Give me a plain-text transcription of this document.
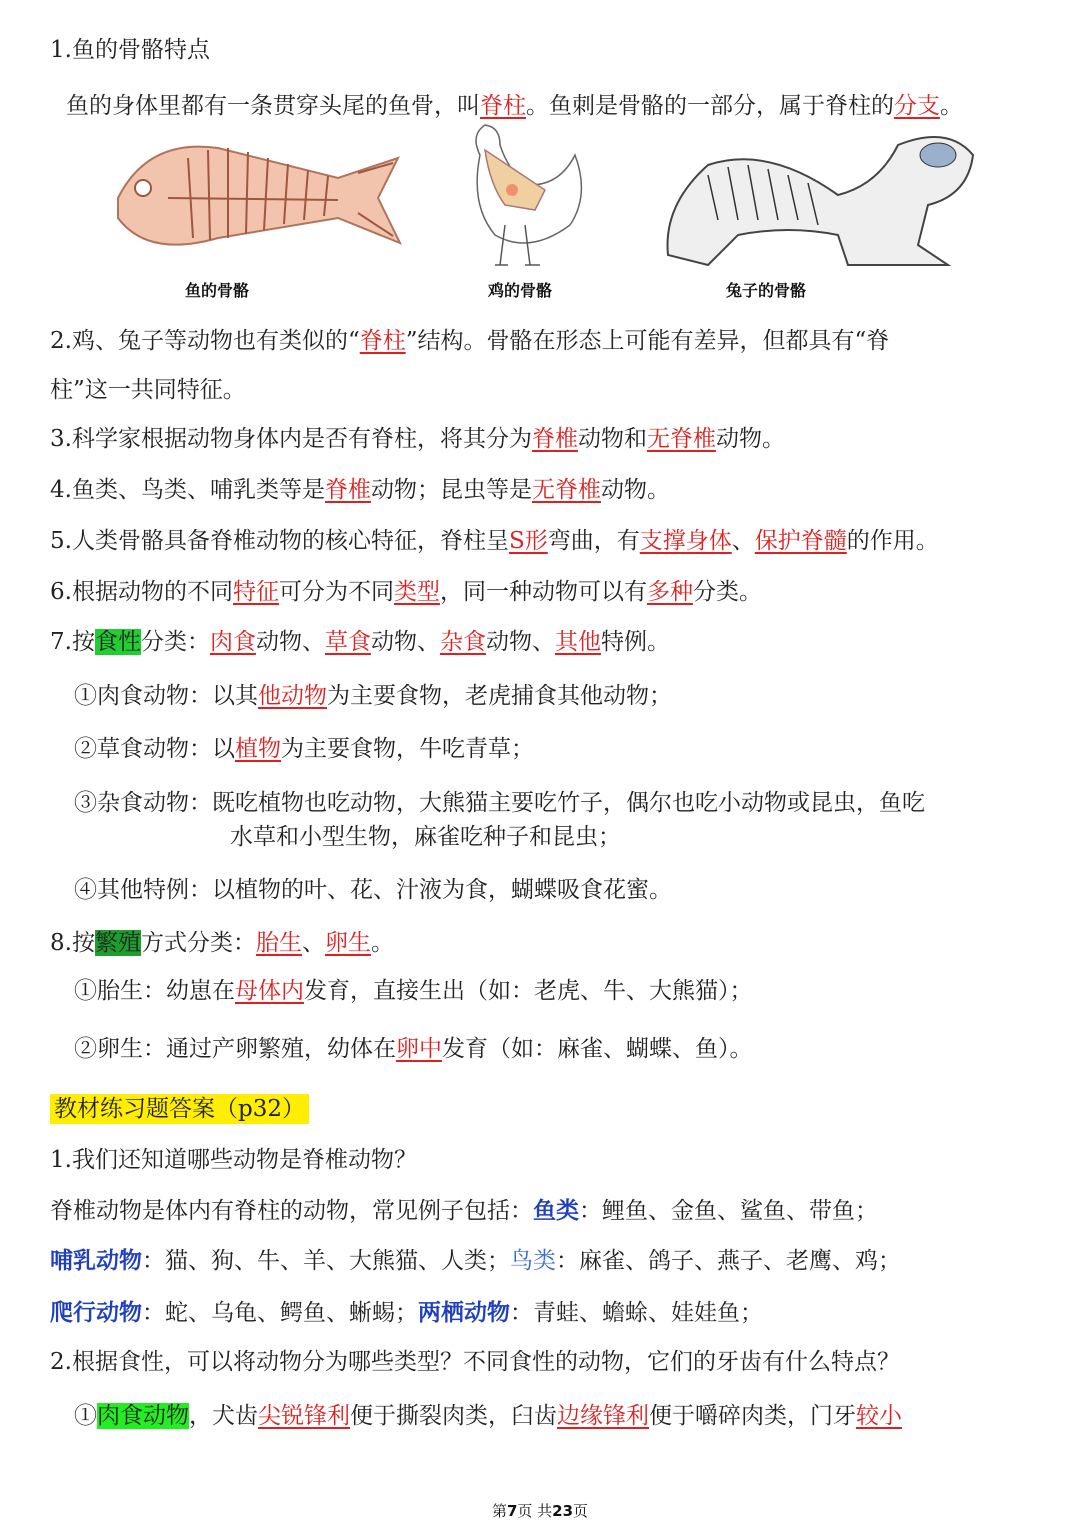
1.鱼的骨骼特点
鱼的身体里都有一条贯穿头尾的鱼骨，叫脊柱。鱼刺是骨骼的一部分，属于脊柱的分支。
鱼的骨骼	鸡的骨骼	兔子的骨骼
2.鸡、兔子等动物也有类似的“脊柱”结构。骨骼在形态上可能有差异，但都具有“脊
柱”这一共同特征。
3.科学家根据动物身体内是否有脊柱，将其分为脊椎动物和无脊椎动物。
4.鱼类、鸟类、哺乳类等是脊椎动物；昆虫等是无脊椎动物。
5.人类骨骼具备脊椎动物的核心特征，脊柱呈S形弯曲，有支撑身体、保护脊髓的作用。
6.根据动物的不同特征可分为不同类型，同一种动物可以有多种分类。
7.按食性分类：肉食动物、草食动物、杂食动物、其他特例。
①肉食动物：以其他动物为主要食物，老虎捕食其他动物；
②草食动物：以植物为主要食物，牛吃青草；
③杂食动物：既吃植物也吃动物，大熊猫主要吃竹子，偶尔也吃小动物或昆虫，鱼吃
水草和小型生物，麻雀吃种子和昆虫；
④其他特例：以植物的叶、花、汁液为食，蝴蝶吸食花蜜。
8.按繁殖方式分类：胎生、卵生。
①胎生：幼崽在母体内发育，直接生出（如：老虎、牛、大熊猫）；
②卵生：通过产卵繁殖，幼体在卵中发育（如：麻雀、蝴蝶、鱼）。
教材练习题答案（p32）
1.我们还知道哪些动物是脊椎动物？
脊椎动物是体内有脊柱的动物，常见例子包括：鱼类：鲤鱼、金鱼、鲨鱼、带鱼；
哺乳动物：猫、狗、牛、羊、大熊猫、人类；鸟类：麻雀、鸽子、燕子、老鹰、鸡；
爬行动物：蛇、乌龟、鳄鱼、蜥蜴；两栖动物：青蛙、蟾蜍、娃娃鱼；
2.根据食性，可以将动物分为哪些类型？不同食性的动物，它们的牙齿有什么特点？
①肉食动物，犬齿尖锐锋利便于撕裂肉类，臼齿边缘锋利便于嚼碎肉类，门牙较小
第7页 共23页
